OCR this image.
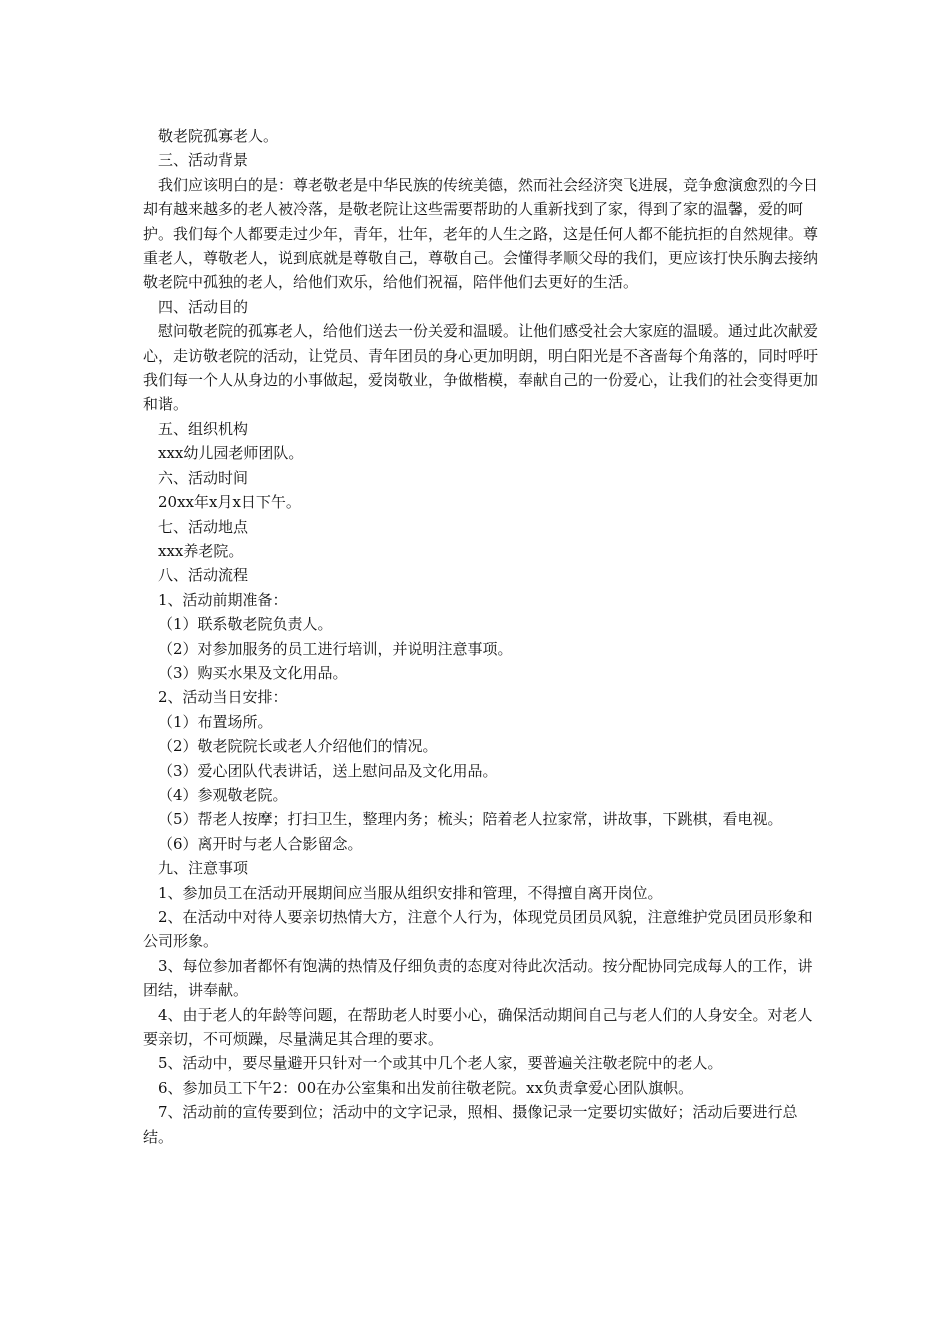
敬老院孤寡老人。

三、活动背景

我们应该明白的是：尊老敬老是中华民族的传统美德，然而社会经济突飞进展，竞争愈演愈烈的今日却有越来越多的老人被冷落，是敬老院让这些需要帮助的人重新找到了家，得到了家的温馨，爱的呵护。我们每个人都要走过少年，青年，壮年，老年的人生之路，这是任何人都不能抗拒的自然规律。尊重老人，尊敬老人，说到底就是尊敬自己，尊敬自己。会懂得孝顺父母的我们，更应该打快乐胸去接纳敬老院中孤独的老人，给他们欢乐，给他们祝福，陪伴他们去更好的生活。

四、活动目的

慰问敬老院的孤寡老人，给他们送去一份关爱和温暖。让他们感受社会大家庭的温暖。通过此次献爱心，走访敬老院的活动，让党员、青年团员的身心更加明朗，明白阳光是不吝啬每个角落的，同时呼吁我们每一个人从身边的小事做起，爱岗敬业，争做楷模，奉献自己的一份爱心，让我们的社会变得更加和谐。

五、组织机构

xxx幼儿园老师团队。

六、活动时间

20xx年x月x日下午。

七、活动地点

xxx养老院。

八、活动流程

1、活动前期准备：

（1）联系敬老院负责人。

（2）对参加服务的员工进行培训，并说明注意事项。

（3）购买水果及文化用品。

2、活动当日安排：

（1）布置场所。

（2）敬老院院长或老人介绍他们的情况。

（3）爱心团队代表讲话，送上慰问品及文化用品。

（4）参观敬老院。

（5）帮老人按摩；打扫卫生，整理内务；梳头；陪着老人拉家常，讲故事，下跳棋，看电视。

（6）离开时与老人合影留念。

九、注意事项

1、参加员工在活动开展期间应当服从组织安排和管理，不得擅自离开岗位。

2、在活动中对待人要亲切热情大方，注意个人行为，体现党员团员风貌，注意维护党员团员形象和公司形象。

3、每位参加者都怀有饱满的热情及仔细负责的态度对待此次活动。按分配协同完成每人的工作，讲团结，讲奉献。

4、由于老人的年龄等问题，在帮助老人时要小心，确保活动期间自己与老人们的人身安全。对老人要亲切，不可烦躁，尽量满足其合理的要求。

5、活动中，要尽量避开只针对一个或其中几个老人家，要普遍关注敬老院中的老人。

6、参加员工下午2：00在办公室集和出发前往敬老院。xx负责拿爱心团队旗帜。

7、活动前的宣传要到位；活动中的文字记录，照相、摄像记录一定要切实做好；活动后要进行总结。
